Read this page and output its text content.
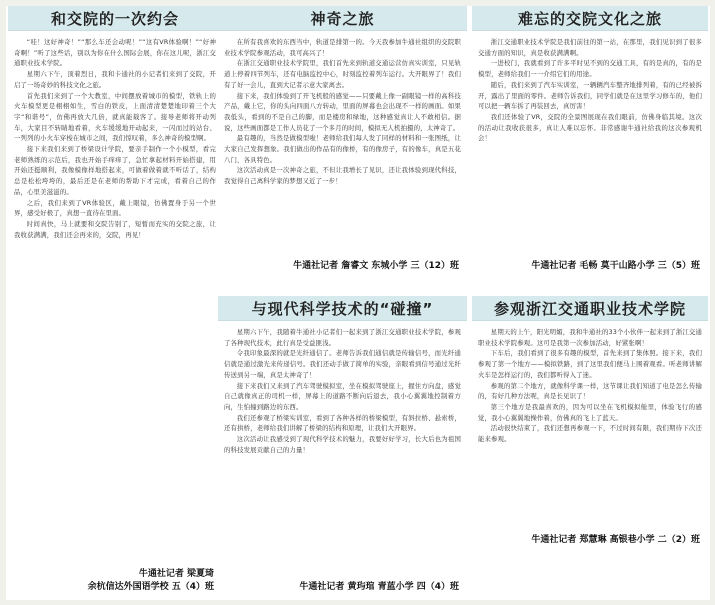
和交院的一次约会

“哇！这好神奇！”“那么车还会动呢！”“这有VR体验啊！”“好神奇啊！”听了这些话，别以为你在什么国际会展，你在这儿呢，浙江交通职业技术学院。

星期六下午，顶着烈日，我和卡通社的小记者们来到了交院，开启了一场奇妙的科技文化之旅。

首先我们来到了一个大教室，中间摆放着城市的模型，铁轨上的火车模型更是栩栩如生，雪白的铁皮，上面清清楚楚地印着三个大字“和谐号”，仿佛再放大几倍，就真能载客了。接导老师将开动列车，大家目不转睛地看着，火车缓缓地开动起来，一闪而过的站台、一列列的小火车穿梭在城市之间，我们惊叹着，多么神奇的模型啊。

接下来我们来到了桥梁设计学院，要亲手制作一个小模型，看完老师熟练的示范后，我也开始手痒痒了，急忙拿起材料开始搭建，用开始还挺顺利，我像模像样地搭起来，可做着做着就不听话了，结构总是松松垮垮的，最后还是在老师的帮助下才完成，看着自己的作品，心里美滋滋的。

之后，我们来到了VR体验区，戴上眼镜，仿佛置身于另一个世界，感受好极了，真想一直待在里面。

时间真快，马上就要和交院告别了，短暂而充实的交院之旅，让我收获满满，我们还会再来的，交院，再见！

牛通社记者 梁夏琦
余杭信达外国语学校 五（4）班
神奇之旅

在所有我喜欢的东西当中，轨道是排第一的。今天我参加牛通社组织的交院职业技术学院参观活动，我可高兴了！

在浙江交通职业技术学院里，我们首先来到轨道交通运营仿真实训室，只见轨道上停着四节列车，还有电脑监控中心，时刻监控着列车运行。大开眼界了！我们有了好一会儿，直到大记者示意大家离去。

接下来，我们体验到了开飞机般的感觉——只要戴上像一副眼镜一样的高科技产品，戴上它，你的头向四面八方转动，里面的屏幕也会出现不一样的画面。如果我低头，看到的不是自己的脚，而是楼房和绿地，这种感觉真让人不敢相信。据说，这些画面都是工作人员花了一个多月的时间，模拟无人机拍摄的，太神奇了。

最有趣的，当然是做模型啦！老师给我们每人发了同样的材料和一张图纸，让大家自己发挥想象。我们做出的作品有的像桥，有的像房子，有的像车，真是五花八门，各具特色。

这次活动真是一次神奇之旅，不但让我增长了见识，还让我体验到现代科技，我觉得自己离科学家的梦想又近了一步！

牛通社记者 詹睿文 东城小学 三（12）班
与现代科学技术的“碰撞”

星期六下午，我随着牛通社小记者们一起来到了浙江交通职业技术学院，参观了各种现代技术，此行真是受益匪浅。

令我印象最深的就是光纤通信了。老师告诉我们通信就是传输信号，而光纤通信就是通过激光来传递信号。我们还动手做了简单的实验，亲眼看到信号通过光纤传送到另一端，真是太神奇了！

接下来我们又来到了汽车驾驶模拟室，坐在模拟驾驶座上，握住方向盘，感觉自己就像真正的司机一样，屏幕上的道路不断向后退去，我小心翼翼地控制着方向，生怕撞到路边的东西。

我们还参观了桥梁实训室，看到了各种各样的桥梁模型，有斜拉桥、悬索桥，还有拱桥，老师给我们讲解了桥梁的结构和原理，让我们大开眼界。

这次活动让我感受到了现代科学技术的魅力，我要好好学习，长大后也为祖国的科技发展贡献自己的力量！

牛通社记者 黄玙琯 青蓝小学 四（4）班
难忘的交院文化之旅

浙江交通职业技术学院是我们前往的第一站，在那里，我们见识到了很多交通方面的知识，真是收获满满啊。

一进校门，我就看到了许多平时见不到的交通工具，有的是真的，有的是模型，老师给我们一一介绍它们的用途。

随后，我们来到了汽车实训室，一辆辆汽车整齐地排列着，有的已经被拆开，露出了里面的零件。老师告诉我们，同学们就是在这里学习修车的，他们可以把一辆车拆了再装回去，真厉害！

我们还体验了VR，交院的全景图展现在我们眼前，仿佛身临其境。这次的活动让我收获很多，真让人难以忘怀。非常感谢牛通社给我的这次参观机会！

牛通社记者 毛畅 莫干山路小学 三（5）班
参观浙江交通职业技术学院

星期天的上午，阳光明媚，我和牛通社的33个小伙伴一起来到了浙江交通职业技术学院参观。这可是我第一次参加活动，好紧张啊！

下车后，我们看到了很多有趣的模型，首先来到了集体照。接下来，我们参观了第一个地方——模拟铁路，到了这里我们便马上围着观看。听老师讲解火车是怎样运行的，我们都听得入了迷。

参观的第二个地方，就像科学课一样，这节课让我们知道了电是怎么传输的，有好几种方法呢，真是长见识了！

第三个地方是我最喜欢的，因为可以坐在飞机模拟舱里，体验飞行的感觉，我小心翼翼地操作着，仿佛真的飞上了蓝天。

活动很快结束了，我们还想再参观一下，不过时间有限，我们期待下次还能来参观。

牛通社记者 郑慧琳 高银巷小学 二（2）班
